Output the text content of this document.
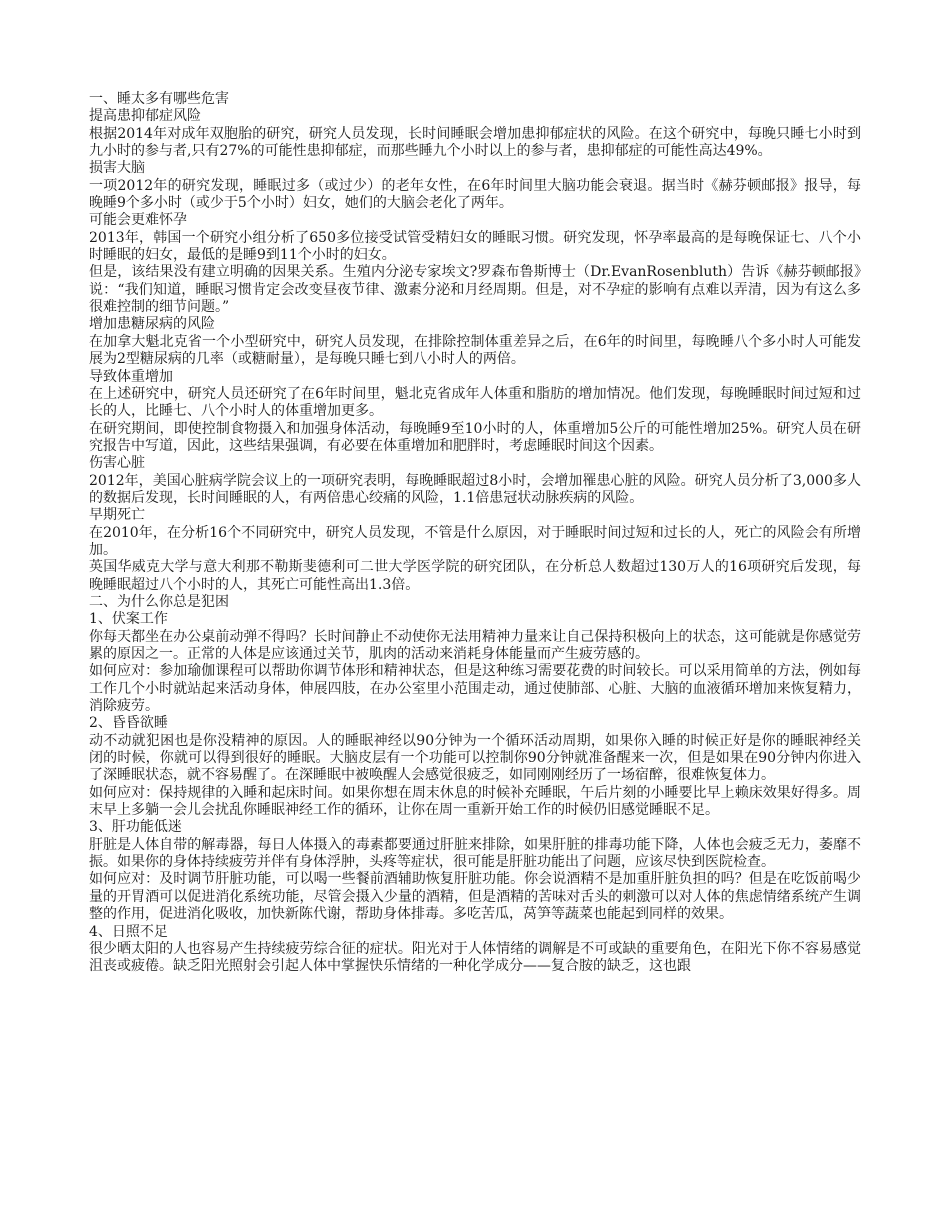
一、睡太多有哪些危害

提高患抑郁症风险

根据2014年对成年双胞胎的研究，研究人员发现，长时间睡眠会增加患抑郁症状的风险。在这个研究中，每晚只睡七小时到九小时的参与者,只有27%的可能性患抑郁症，而那些睡九个小时以上的参与者，患抑郁症的可能性高达49%。

损害大脑

一项2012年的研究发现，睡眠过多（或过少）的老年女性，在6年时间里大脑功能会衰退。据当时《赫芬顿邮报》报导，每晚睡9个多小时（或少于5个小时）妇女，她们的大脑会老化了两年。

可能会更难怀孕

2013年，韩国一个研究小组分析了650多位接受试管受精妇女的睡眠习惯。研究发现，怀孕率最高的是每晚保证七、八个小时睡眠的妇女，最低的是睡9到11个小时的妇女。

但是，该结果没有建立明确的因果关系。生殖内分泌专家埃文?罗森布鲁斯博士（Dr.EvanRosenbluth）告诉《赫芬顿邮报》说：“我们知道，睡眠习惯肯定会改变昼夜节律、激素分泌和月经周期。但是，对不孕症的影响有点难以弄清，因为有这么多很难控制的细节问题。”

增加患糖尿病的风险

在加拿大魁北克省一个小型研究中，研究人员发现，在排除控制体重差异之后，在6年的时间里，每晚睡八个多小时人可能发展为2型糖尿病的几率（或糖耐量），是每晚只睡七到八小时人的两倍。

导致体重增加

在上述研究中，研究人员还研究了在6年时间里，魁北克省成年人体重和脂肪的增加情况。他们发现，每晚睡眠时间过短和过长的人，比睡七、八个小时人的体重增加更多。

在研究期间，即使控制食物摄入和加强身体活动，每晚睡9至10小时的人，体重增加5公斤的可能性增加25%。研究人员在研究报告中写道，因此，这些结果强调，有必要在体重增加和肥胖时，考虑睡眠时间这个因素。

伤害心脏

2012年，美国心脏病学院会议上的一项研究表明，每晚睡眠超过8小时，会增加罹患心脏的风险。研究人员分析了3,000多人的数据后发现，长时间睡眠的人，有两倍患心绞痛的风险，1.1倍患冠状动脉疾病的风险。

早期死亡

在2010年，在分析16个不同研究中，研究人员发现，不管是什么原因，对于睡眠时间过短和过长的人，死亡的风险会有所增加。

英国华威克大学与意大利那不勒斯斐德利可二世大学医学院的研究团队，在分析总人数超过130万人的16项研究后发现，每晚睡眠超过八个小时的人，其死亡可能性高出1.3倍。

二、为什么你总是犯困

1、伏案工作

你每天都坐在办公桌前动弹不得吗？长时间静止不动使你无法用精神力量来让自己保持积极向上的状态，这可能就是你感觉劳累的原因之一。正常的人体是应该通过关节，肌肉的活动来消耗身体能量而产生疲劳感的。

如何应对：参加瑜伽课程可以帮助你调节体形和精神状态，但是这种练习需要花费的时间较长。可以采用简单的方法，例如每工作几个小时就站起来活动身体，伸展四肢，在办公室里小范围走动，通过使肺部、心脏、大脑的血液循环增加来恢复精力，消除疲劳。

2、昏昏欲睡

动不动就犯困也是你没精神的原因。人的睡眠神经以90分钟为一个循环活动周期，如果你入睡的时候正好是你的睡眠神经关闭的时候，你就可以得到很好的睡眠。大脑皮层有一个功能可以控制你90分钟就准备醒来一次，但是如果在90分钟内你进入了深睡眠状态，就不容易醒了。在深睡眠中被唤醒人会感觉很疲乏，如同刚刚经历了一场宿醉，很难恢复体力。

如何应对：保持规律的入睡和起床时间。如果你想在周末休息的时候补充睡眠，午后片刻的小睡要比早上赖床效果好得多。周末早上多躺一会儿会扰乱你睡眠神经工作的循环，让你在周一重新开始工作的时候仍旧感觉睡眠不足。

3、肝功能低迷

肝脏是人体自带的解毒器，每日人体摄入的毒素都要通过肝脏来排除，如果肝脏的排毒功能下降，人体也会疲乏无力，萎靡不振。如果你的身体持续疲劳并伴有身体浮肿，头疼等症状，很可能是肝脏功能出了问题，应该尽快到医院检查。

如何应对：及时调节肝脏功能，可以喝一些餐前酒辅助恢复肝脏功能。你会说酒精不是加重肝脏负担的吗？但是在吃饭前喝少量的开胃酒可以促进消化系统功能，尽管会摄入少量的酒精，但是酒精的苦味对舌头的刺激可以对人体的焦虑情绪系统产生调整的作用，促进消化吸收，加快新陈代谢，帮助身体排毒。多吃苦瓜，莴笋等蔬菜也能起到同样的效果。

4、日照不足

很少晒太阳的人也容易产生持续疲劳综合征的症状。阳光对于人体情绪的调解是不可或缺的重要角色，在阳光下你不容易感觉沮丧或疲倦。缺乏阳光照射会引起人体中掌握快乐情绪的一种化学成分——复合胺的缺乏，这也跟
